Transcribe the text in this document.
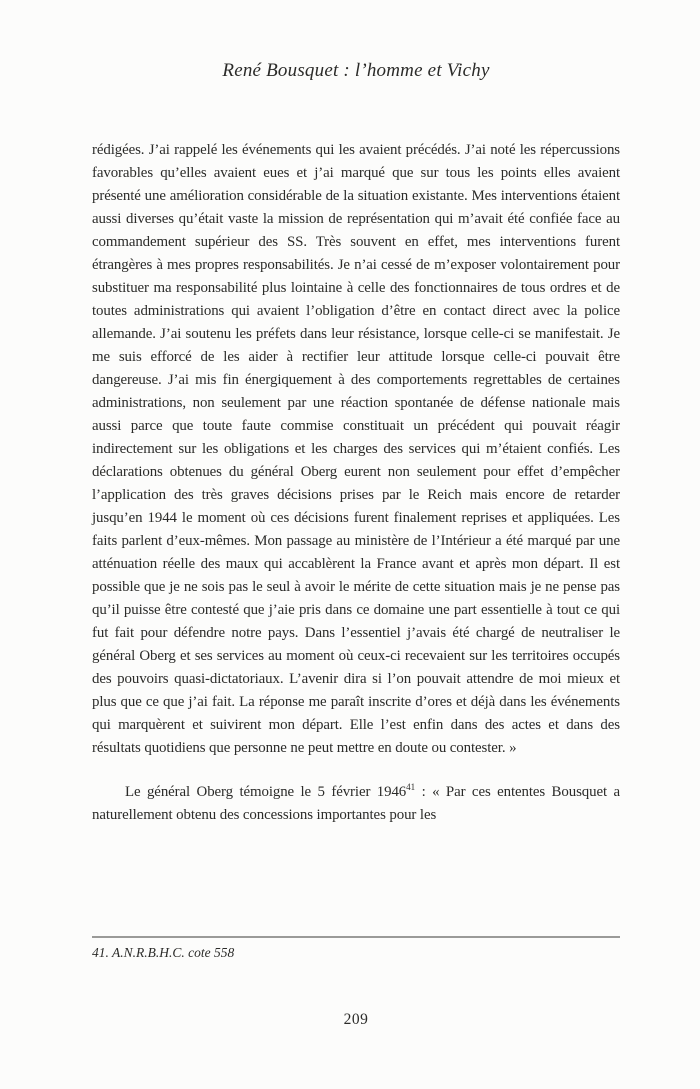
René Bousquet : l’homme et Vichy

rédigées. J’ai rappelé les événements qui les avaient précédés. J’ai noté les répercussions favorables qu’elles avaient eues et j’ai marqué que sur tous les points elles avaient présenté une amélioration considérable de la situation existante. Mes interventions étaient aussi diverses qu’était vaste la mission de représentation qui m’avait été confiée face au commandement supérieur des SS. Très souvent en effet, mes interventions furent étrangères à mes propres responsabilités. Je n’ai cessé de m’exposer volontairement pour substituer ma responsabilité plus lointaine à celle des fonctionnaires de tous ordres et de toutes administrations qui avaient l’obligation d’être en contact direct avec la police allemande. J’ai soutenu les préfets dans leur résistance, lorsque celle-ci se manifestait. Je me suis efforcé de les aider à rectifier leur attitude lorsque celle-ci pouvait être dangereuse. J’ai mis fin énergiquement à des comportements regrettables de certaines administrations, non seulement par une réaction spontanée de défense nationale mais aussi parce que toute faute commise constituait un précédent qui pouvait réagir indirectement sur les obligations et les charges des services qui m’étaient confiés. Les déclarations obtenues du général Oberg eurent non seulement pour effet d’empêcher l’application des très graves décisions prises par le Reich mais encore de retarder jusqu’en 1944 le moment où ces décisions furent finalement reprises et appliquées. Les faits parlent d’eux-mêmes. Mon passage au ministère de l’Intérieur a été marqué par une atténuation réelle des maux qui accablèrent la France avant et après mon départ. Il est possible que je ne sois pas le seul à avoir le mérite de cette situation mais je ne pense pas qu’il puisse être contesté que j’aie pris dans ce domaine une part essentielle à tout ce qui fut fait pour défendre notre pays. Dans l’essentiel j’avais été chargé de neutraliser le général Oberg et ses services au moment où ceux-ci recevaient sur les territoires occupés des pouvoirs quasi-dictatoriaux. L’avenir dira si l’on pouvait attendre de moi mieux et plus que ce que j’ai fait. La réponse me paraît inscrite d’ores et déjà dans les événements qui marquèrent et suivirent mon départ. Elle l’est enfin dans des actes et dans des résultats quotidiens que personne ne peut mettre en doute ou contester. »

Le général Oberg témoigne le 5 février 1946$^{41}$ : « Par ces ententes Bousquet a naturellement obtenu des concessions importantes pour les

41. A.N.R.B.H.C. cote 558
209
